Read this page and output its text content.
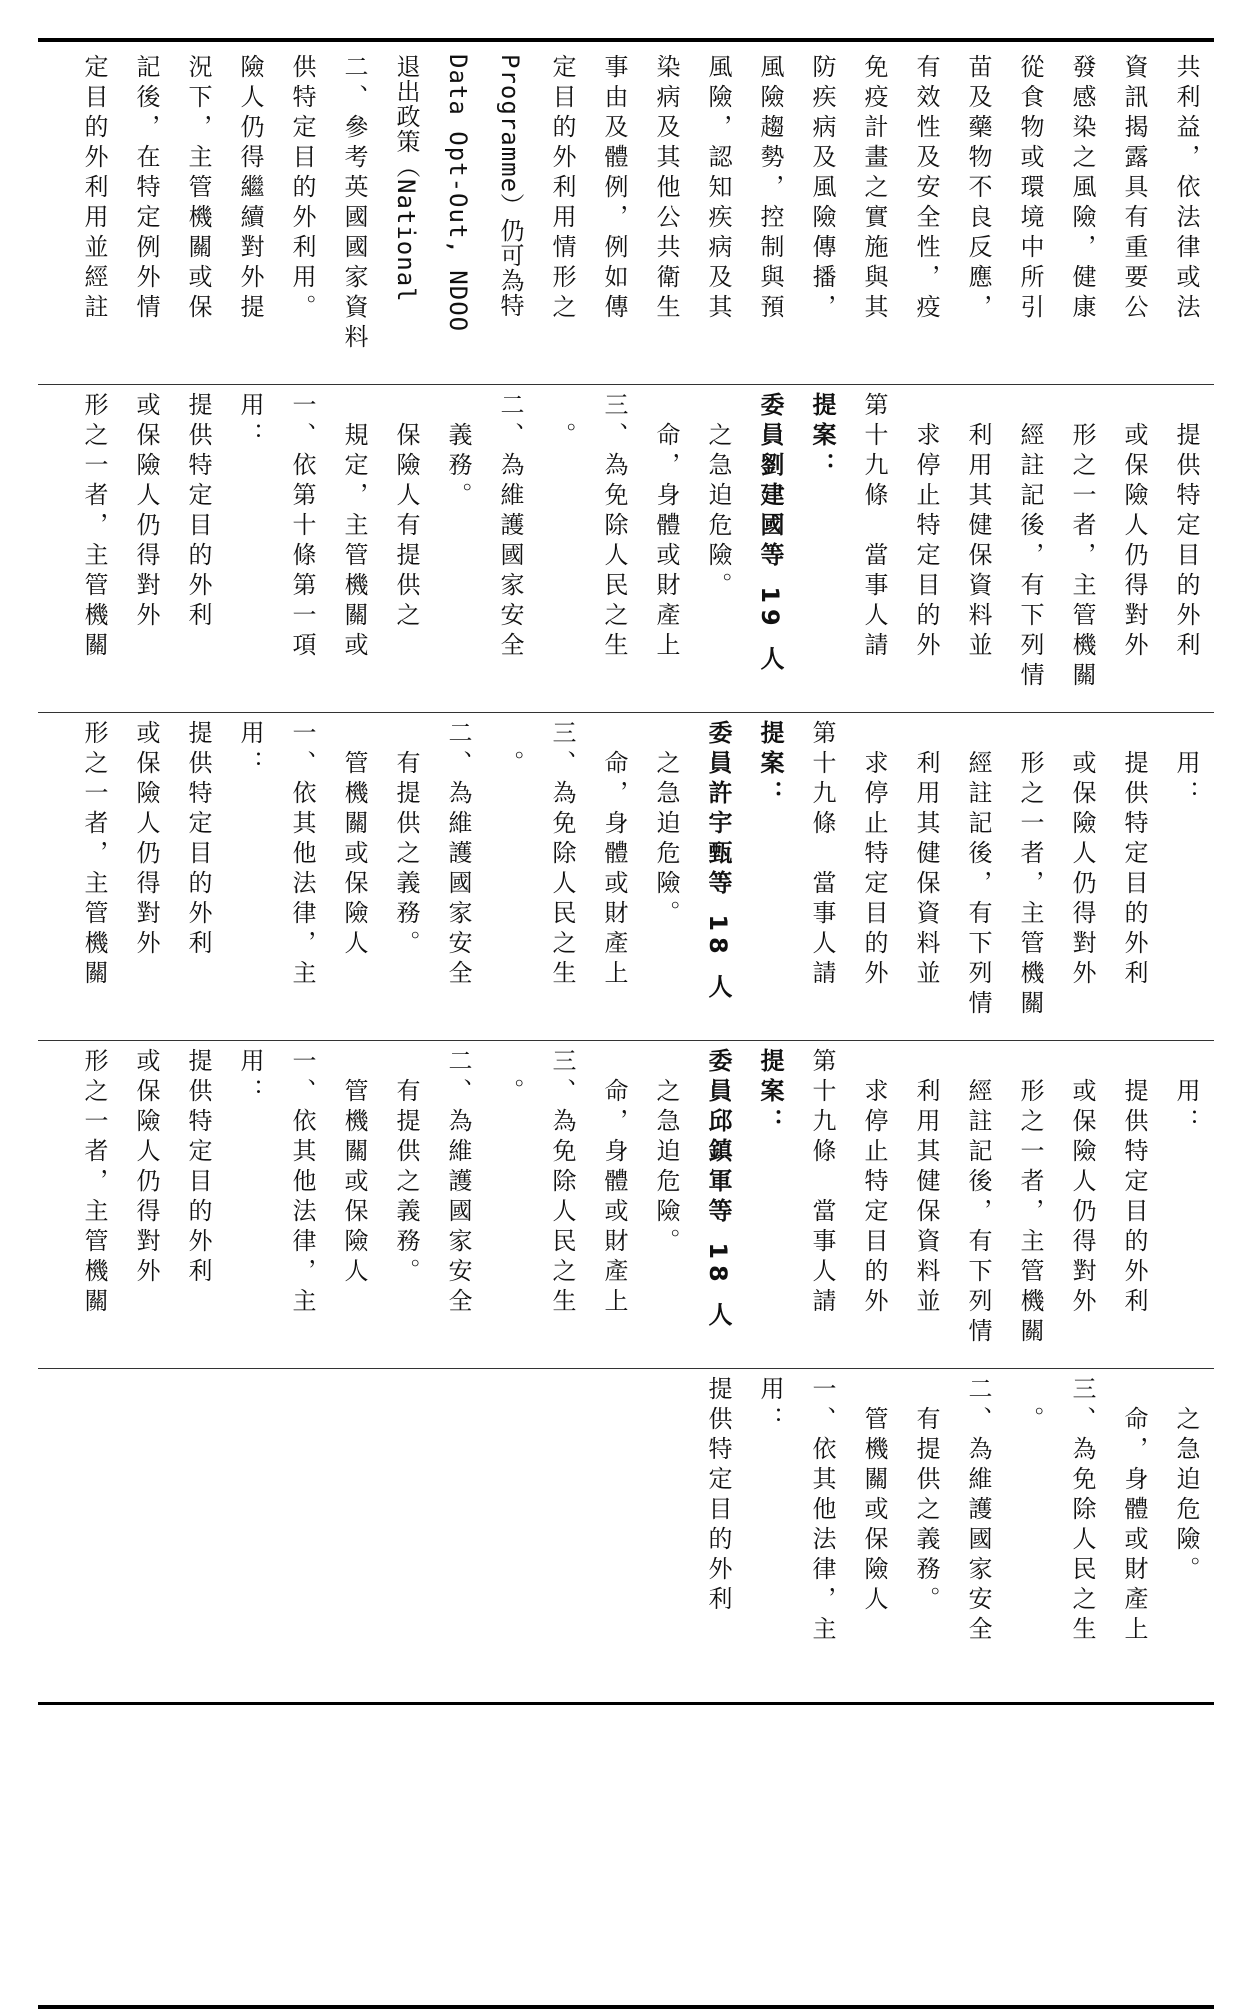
定目的外利用並經註	記後，在特定例外情	況下，主管機關或保	險人仍得繼續對外提	供特定目的外利用。	二、參考英國國家資料	退出政策（National	Data Opt-Out, NDOO	Programme）仍可為特	定目的外利用情形之	事由及體例，例如傳	染病及其他公共衛生	風險，認知疾病及其	風險趨勢，控制與預	防疾病及風險傳播，	免疫計畫之實施與其	有效性及安全性，疫	苗及藥物不良反應，	從食物或環境中所引	發感染之風險，健康	資訊揭露具有重要公	共利益，依法律或法
形之一者，主管機關	或保險人仍得對外	提供特定目的外利	用：	一、依第十條第一項	　規定，主管機關或	　保險人有提供之	　義務。	二、為維護國家安全	　。	三、為免除人民之生	　命，身體或財產上	　之急迫危險。	委員劉建國等 19 人	提案：	第十九條　當事人請	　求停止特定目的外	　利用其健保資料並	　經註記後，有下列情	　形之一者，主管機關	　或保險人仍得對外	　提供特定目的外利
形之一者，主管機關	或保險人仍得對外	提供特定目的外利	用：	一、依其他法律，主	　管機關或保險人	　有提供之義務。	二、為維護國家安全	　。	三、為免除人民之生	　命，身體或財產上	　之急迫危險。	委員許宇甄等 18 人	提案：	第十九條　當事人請	　求停止特定目的外	　利用其健保資料並	　經註記後，有下列情	　形之一者，主管機關	　或保險人仍得對外	　提供特定目的外利	　用：
形之一者，主管機關	或保險人仍得對外	提供特定目的外利	用：	一、依其他法律，主	　管機關或保險人	　有提供之義務。	二、為維護國家安全	　。	三、為免除人民之生	　命，身體或財產上	　之急迫危險。	委員邱鎮軍等 18 人	提案：	第十九條　當事人請	　求停止特定目的外	　利用其健保資料並	　經註記後，有下列情	　形之一者，主管機關	　或保險人仍得對外	　提供特定目的外利	　用：
提供特定目的外利	用：	一、依其他法律，主	　管機關或保險人	　有提供之義務。	二、為維護國家安全	　。	三、為免除人民之生	　命，身體或財產上	　之急迫危險。
